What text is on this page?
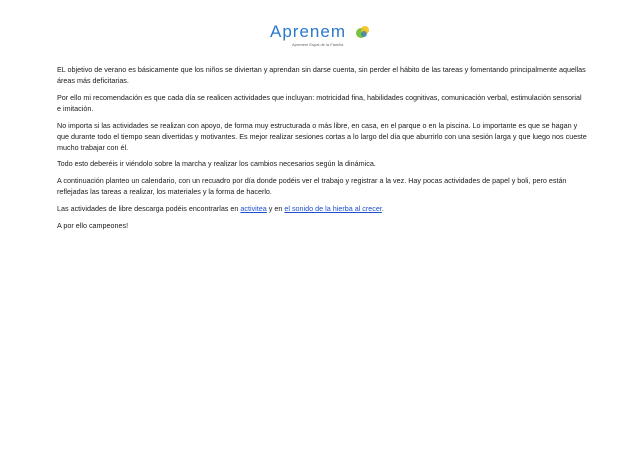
Aprenem
Aprenem Espai de la Família

EL objetivo de verano es básicamente que los niños se diviertan y aprendan sin darse cuenta, sin perder el hábito de las tareas y fomentando principalmente aquellas áreas más deficitarias.

Por ello mi recomendación es que cada día se realicen actividades que incluyan: motricidad fina, habilidades cognitivas, comunicación verbal, estimulación sensorial e imitación.

No importa si las actividades se realizan con apoyo, de forma muy estructurada o más libre, en casa, en el parque o en la piscina. Lo importante es que se hagan y que durante todo el tiempo sean divertidas y motivantes. Es mejor realizar sesiones cortas a lo largo del día que aburrirlo con una sesión larga y que luego nos cueste mucho trabajar con él.

Todo esto deberéis ir viéndolo sobre la marcha y realizar los cambios necesarios según la dinámica.

A continuación planteo un calendario, con un recuadro por día donde podéis ver el trabajo y registrar a la vez. Hay pocas actividades de papel y boli, pero están reflejadas las tareas a realizar, los materiales y la forma de hacerlo.

Las actividades de libre descarga podéis encontrarlas en activitea y en el sonido de la hierba al crecer.

A por ello campeones!
